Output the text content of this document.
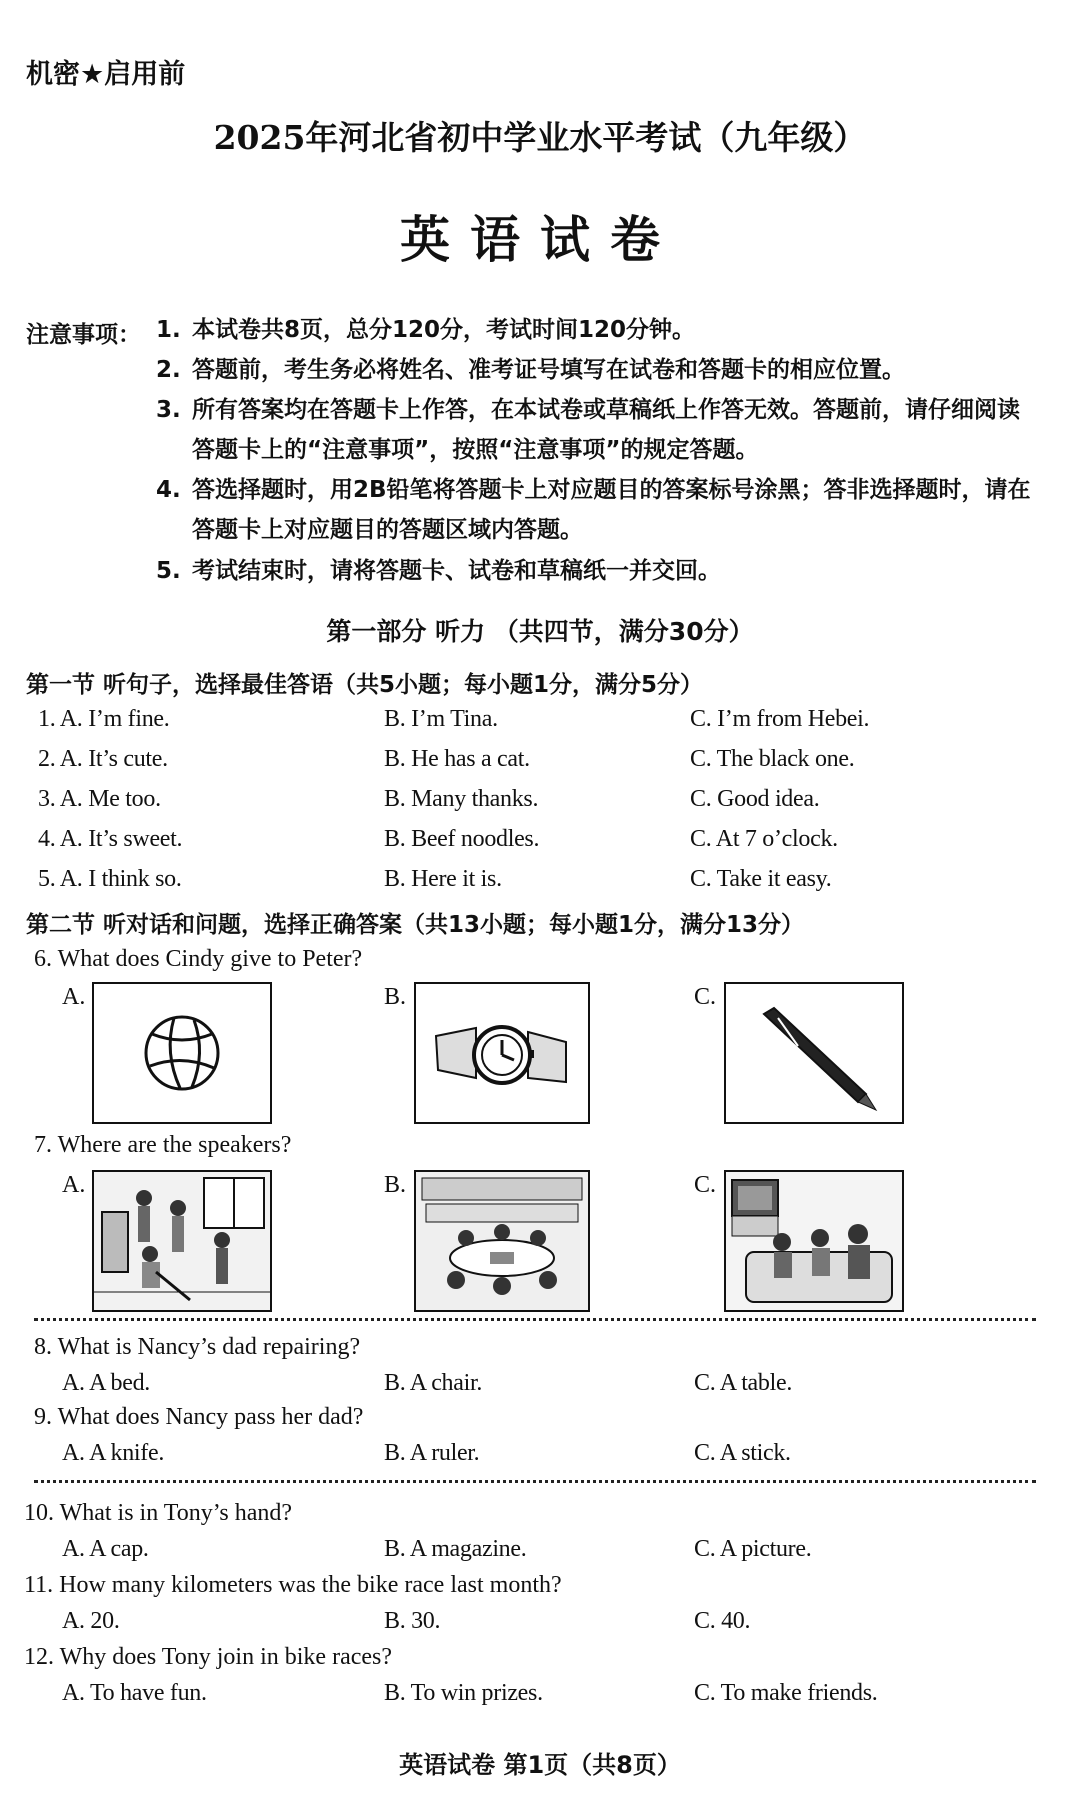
机密★启用前
2025年河北省初中学业水平考试（九年级）
英语试卷
注意事项： 1. 本试卷共8页，总分120分，考试时间120分钟。
2. 答题前，考生务必将姓名、准考证号填写在试卷和答题卡的相应位置。
3. 所有答案均在答题卡上作答，在本试卷或草稿纸上作答无效。答题前，请仔细阅读答题卡上的“注意事项”，按照“注意事项”的规定答题。
4. 答选择题时，用2B铅笔将答题卡上对应题目的答案标号涂黑；答非选择题时，请在答题卡上对应题目的答题区域内答题。
5. 考试结束时，请将答题卡、试卷和草稿纸一并交回。
第一部分 听力 （共四节，满分30分）
第一节 听句子，选择最佳答语（共5小题；每小题1分，满分5分）
1. A. I’m fine.	B. I’m Tina.	C. I’m from Hebei.
2. A. It’s cute.	B. He has a cat.	C. The black one.
3. A. Me too.	B. Many thanks.	C. Good idea.
4. A. It’s sweet.	B. Beef noodles.	C. At 7 o’clock.
5. A. I think so.	B. Here it is.	C. Take it easy.
第二节 听对话和问题，选择正确答案（共13小题；每小题1分，满分13分）
6. What does Cindy give to Peter?
A.	B.	C.
7. Where are the speakers?
A.	B.	C.
8. What is Nancy’s dad repairing?
A. A bed.	B. A chair.	C. A table.
9. What does Nancy pass her dad?
A. A knife.	B. A ruler.	C. A stick.
10. What is in Tony’s hand?
A. A cap.	B. A magazine.	C. A picture.
11. How many kilometers was the bike race last month?
A. 20.	B. 30.	C. 40.
12. Why does Tony join in bike races?
A. To have fun.	B. To win prizes.	C. To make friends.
英语试卷 第1页（共8页）
